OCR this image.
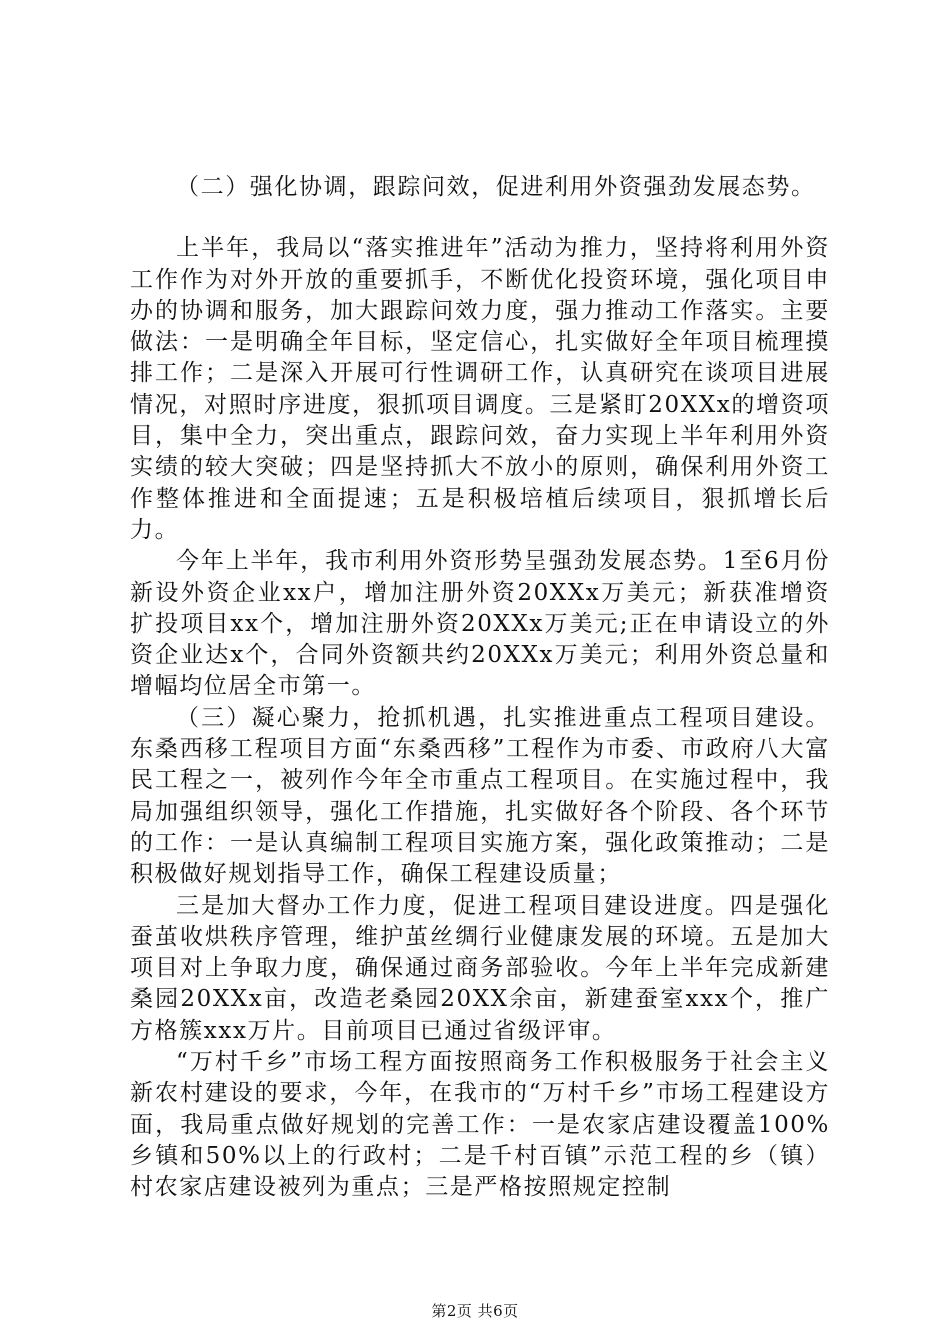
（二）强化协调，跟踪问效，促进利用外资强劲发展态势。

上半年，我局以“落实推进年”活动为推力，坚持将利用外资工作作为对外开放的重要抓手，不断优化投资环境，强化项目申办的协调和服务，加大跟踪问效力度，强力推动工作落实。主要做法：一是明确全年目标，坚定信心，扎实做好全年项目梳理摸排工作；二是深入开展可行性调研工作，认真研究在谈项目进展情况，对照时序进度，狠抓项目调度。三是紧盯20XXx的增资项目，集中全力，突出重点，跟踪问效，奋力实现上半年利用外资实绩的较大突破；四是坚持抓大不放小的原则，确保利用外资工作整体推进和全面提速；五是积极培植后续项目，狠抓增长后力。

今年上半年，我市利用外资形势呈强劲发展态势。1至6月份新设外资企业xx户，增加注册外资20XXx万美元；新获准增资扩投项目xx个，增加注册外资20XXx万美元;正在申请设立的外资企业达x个，合同外资额共约20XXx万美元；利用外资总量和增幅均位居全市第一。

（三）凝心聚力，抢抓机遇，扎实推进重点工程项目建设。东桑西移工程项目方面“东桑西移”工程作为市委、市政府八大富民工程之一，被列作今年全市重点工程项目。在实施过程中，我局加强组织领导，强化工作措施，扎实做好各个阶段、各个环节的工作：一是认真编制工程项目实施方案，强化政策推动；二是积极做好规划指导工作，确保工程建设质量；

三是加大督办工作力度，促进工程项目建设进度。四是强化蚕茧收烘秩序管理，维护茧丝绸行业健康发展的环境。五是加大项目对上争取力度，确保通过商务部验收。今年上半年完成新建桑园20XXx亩，改造老桑园20XX余亩，新建蚕室xxx个，推广方格簇xxx万片。目前项目已通过省级评审。

“万村千乡”市场工程方面按照商务工作积极服务于社会主义新农村建设的要求，今年，在我市的“万村千乡”市场工程建设方面，我局重点做好规划的完善工作：一是农家店建设覆盖100%乡镇和50%以上的行政村；二是千村百镇”示范工程的乡（镇）村农家店建设被列为重点；三是严格按照规定控制

第2页 共6页
